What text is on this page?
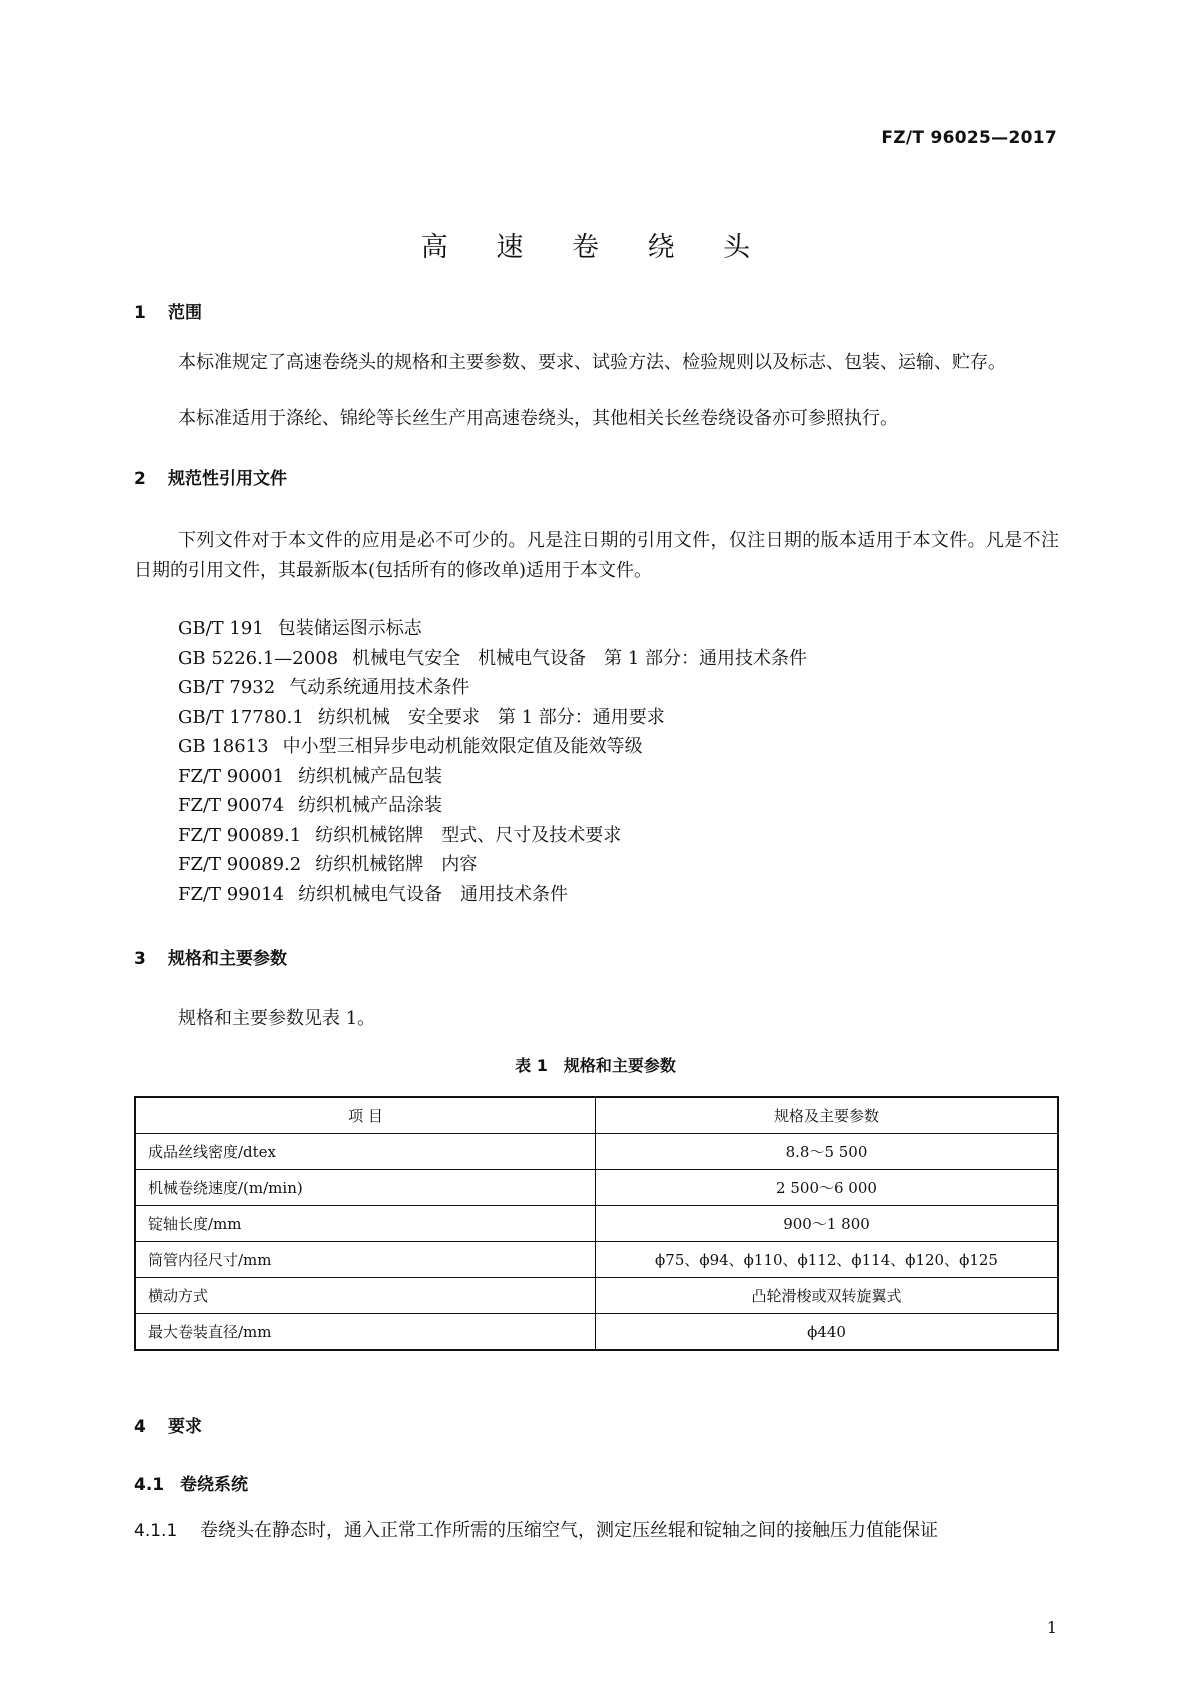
FZ/T 96025—2017
高 速 卷 绕 头
1 范围
本标准规定了高速卷绕头的规格和主要参数、要求、试验方法、检验规则以及标志、包装、运输、贮存。
本标准适用于涤纶、锦纶等长丝生产用高速卷绕头，其他相关长丝卷绕设备亦可参照执行。
2 规范性引用文件
下列文件对于本文件的应用是必不可少的。凡是注日期的引用文件，仅注日期的版本适用于本文件。凡是不注日期的引用文件，其最新版本(包括所有的修改单)适用于本文件。
GB/T 191 包装储运图示标志
GB 5226.1—2008 机械电气安全　机械电气设备　第 1 部分：通用技术条件
GB/T 7932 气动系统通用技术条件
GB/T 17780.1 纺织机械　安全要求　第 1 部分：通用要求
GB 18613 中小型三相异步电动机能效限定值及能效等级
FZ/T 90001 纺织机械产品包装
FZ/T 90074 纺织机械产品涂装
FZ/T 90089.1 纺织机械铭牌　型式、尺寸及技术要求
FZ/T 90089.2 纺织机械铭牌　内容
FZ/T 99014 纺织机械电气设备　通用技术条件
3 规格和主要参数
规格和主要参数见表 1。
表 1　规格和主要参数
项 目	规格及主要参数
成品丝线密度/dtex	8.8～5 500
机械卷绕速度/(m/min)	2 500～6 000
锭轴长度/mm	900～1 800
筒管内径尺寸/mm	ϕ75、ϕ94、ϕ110、ϕ112、ϕ114、ϕ120、ϕ125
横动方式	凸轮滑梭或双转旋翼式
最大卷装直径/mm	ϕ440
4 要求
4.1 卷绕系统
4.1.1 卷绕头在静态时，通入正常工作所需的压缩空气，测定压丝辊和锭轴之间的接触压力值能保证
1
